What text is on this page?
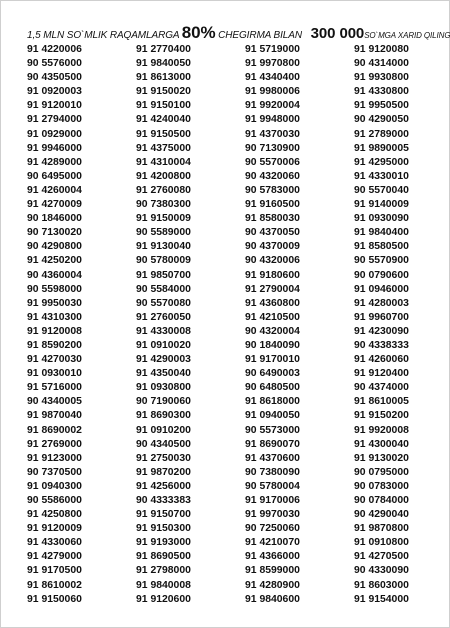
1,5 MLN SO`MLIK RAQAMLARGA 80% CHEGIRMA BILAN 300 000SO`MGA XARID QILING
91 4220006
90 5576000
90 4350500
91 0920003
91 9120010
91 2794000
91 0929000
91 9946000
91 4289000
90 6495000
91 4260004
91 4270009
90 1846000
90 7130020
90 4290800
91 4250200
90 4360004
90 5598000
91 9950030
91 4310300
91 9120008
91 8590200
91 4270030
91 0930010
91 5716000
90 4340005
91 9870040
91 8690002
91 2769000
91 9123000
90 7370500
91 0940300
90 5586000
91 4250800
91 9120009
91 4330060
91 4279000
91 9170500
91 8610002
91 9150060
91 2770400
91 9840050
91 8613000
91 9150020
91 9150100
91 4240040
91 9150500
91 4375000
91 4310004
91 4200800
91 2760080
90 7380300
91 9150009
90 5589000
91 9130040
90 5780009
91 9850700
90 5584000
90 5570080
91 2760050
91 4330008
91 0910020
91 4290003
91 4350040
91 0930800
90 7190060
91 8690300
91 0910200
90 4340500
91 2750030
91 9870200
91 4256000
90 4333383
91 9150700
91 9150300
91 9193000
91 8690500
91 2798000
91 9840008
91 9120600
91 5719000
91 9970800
91 4340400
91 9980006
91 9920004
91 9948000
91 4370030
90 7130900
90 5570006
90 4320060
90 5783000
91 9160500
91 8580030
90 4370050
90 4370009
90 4320006
91 9180600
91 2790004
91 4360800
91 4210500
90 4320004
90 1840090
91 9170010
90 6490003
90 6480500
91 8618000
91 0940050
90 5573000
91 8690070
91 4370600
90 7380090
90 5780004
91 9170006
91 9970030
90 7250060
91 4210070
91 4366000
91 8599000
91 4280900
91 9840600
91 9120080
90 4314000
91 9930800
91 4330800
91 9950500
90 4290050
91 2789000
91 9890005
91 4295000
91 4330010
90 5570040
91 9140009
91 0930090
91 9840400
91 8580500
90 5570900
90 0790600
91 0946000
91 4280003
91 9960700
91 4230090
90 4338333
91 4260060
91 9120400
90 4374000
91 8610005
91 9150200
91 9920008
91 4300040
91 9130020
90 0795000
90 0783000
90 0784000
90 4290040
91 9870800
91 0910800
91 4270500
90 4330090
91 8603000
91 9154000
